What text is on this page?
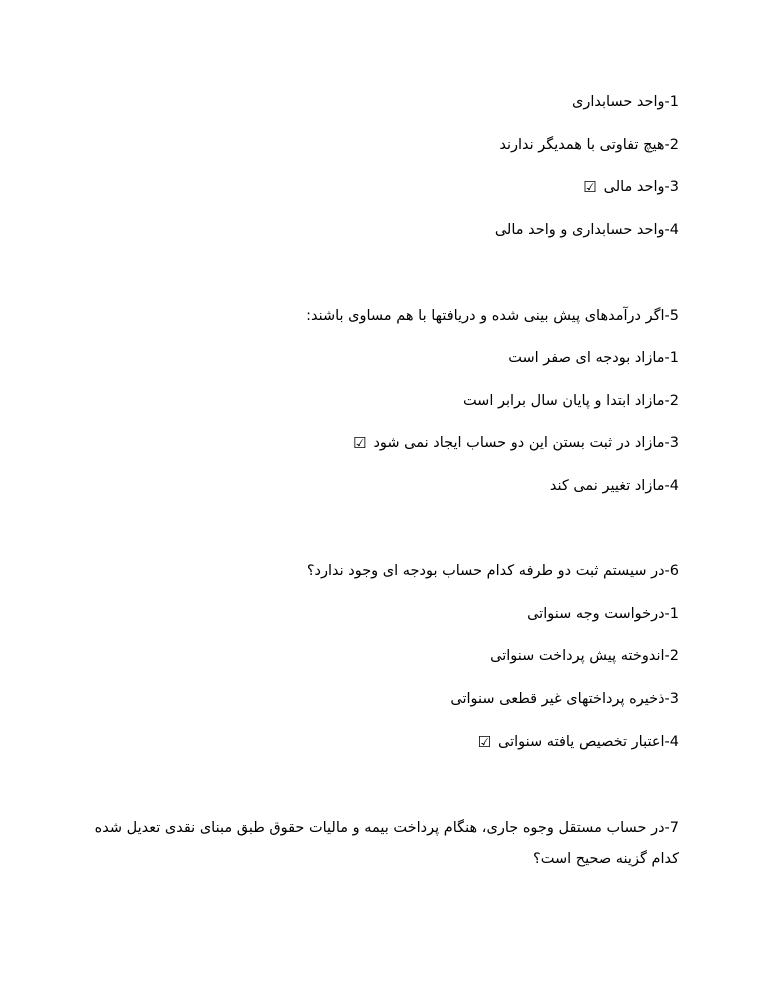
1-واحد حسابداری
2-هیچ تفاوتی با همدیگر ندارند
3-واحد مالی☑
4-واحد حسابداری و واحد مالی
5-اگر درآمدهای پیش بینی شده و دریافتها با هم مساوی باشند:
1-مازاد بودجه ای صفر است
2-مازاد ابتدا و پایان سال برابر است
3-مازاد در ثبت بستن این دو حساب ایجاد نمی شود☑
4-مازاد تغییر نمی کند
6-در سیستم ثبت دو طرفه کدام حساب بودجه ای وجود ندارد؟
1-درخواست وجه سنواتی
2-اندوخته پیش پرداخت سنواتی
3-ذخیره پرداختهای غیر قطعی سنواتی
4-اعتبار تخصیص یافته سنواتی☑
7-در حساب مستقل وجوه جاری، هنگام پرداخت بیمه و مالیات حقوق طبق مبنای نقدی تعدیل شده کدام گزینه صحیح است؟
